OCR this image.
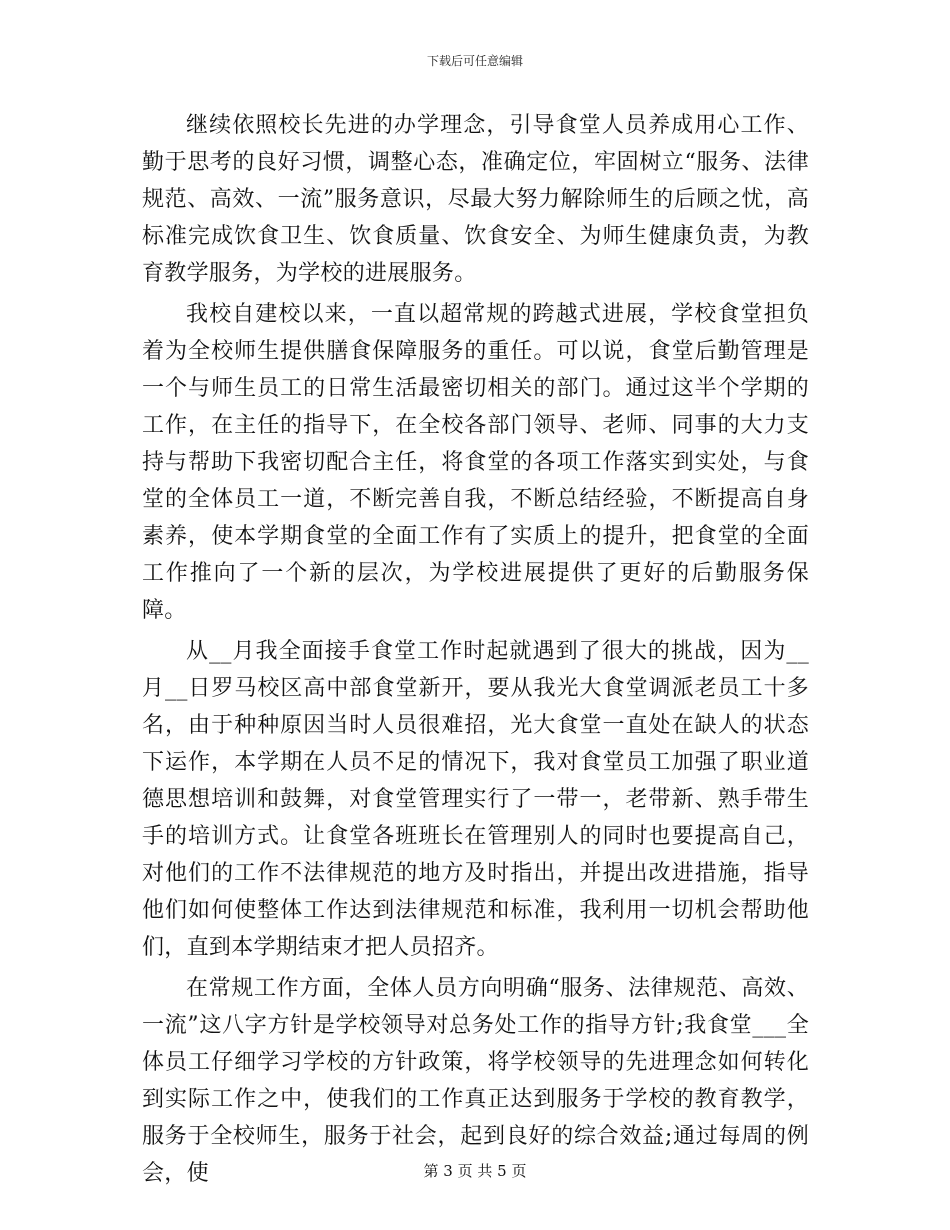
下载后可任意编辑

继续依照校长先进的办学理念，引导食堂人员养成用心工作、勤于思考的良好习惯，调整心态，准确定位，牢固树立“服务、法律规范、高效、一流”服务意识，尽最大努力解除师生的后顾之忧，高标准完成饮食卫生、饮食质量、饮食安全、为师生健康负责，为教育教学服务，为学校的进展服务。

我校自建校以来，一直以超常规的跨越式进展，学校食堂担负着为全校师生提供膳食保障服务的重任。可以说，食堂后勤管理是一个与师生员工的日常生活最密切相关的部门。通过这半个学期的工作，在主任的指导下，在全校各部门领导、老师、同事的大力支持与帮助下我密切配合主任，将食堂的各项工作落实到实处，与食堂的全体员工一道，不断完善自我，不断总结经验，不断提高自身素养，使本学期食堂的全面工作有了实质上的提升，把食堂的全面工作推向了一个新的层次，为学校进展提供了更好的后勤服务保障。

从__月我全面接手食堂工作时起就遇到了很大的挑战，因为__月__日罗马校区高中部食堂新开，要从我光大食堂调派老员工十多名，由于种种原因当时人员很难招，光大食堂一直处在缺人的状态下运作，本学期在人员不足的情况下，我对食堂员工加强了职业道德思想培训和鼓舞，对食堂管理实行了一带一，老带新、熟手带生手的培训方式。让食堂各班班长在管理别人的同时也要提高自己，对他们的工作不法律规范的地方及时指出，并提出改进措施，指导他们如何使整体工作达到法律规范和标准，我利用一切机会帮助他们，直到本学期结束才把人员招齐。

在常规工作方面，全体人员方向明确“服务、法律规范、高效、一流”这八字方针是学校领导对总务处工作的指导方针;我食堂___全体员工仔细学习学校的方针政策，将学校领导的先进理念如何转化到实际工作之中，使我们的工作真正达到服务于学校的教育教学，服务于全校师生，服务于社会，起到良好的综合效益;通过每周的例会，使	第 3 页 共 5 页
